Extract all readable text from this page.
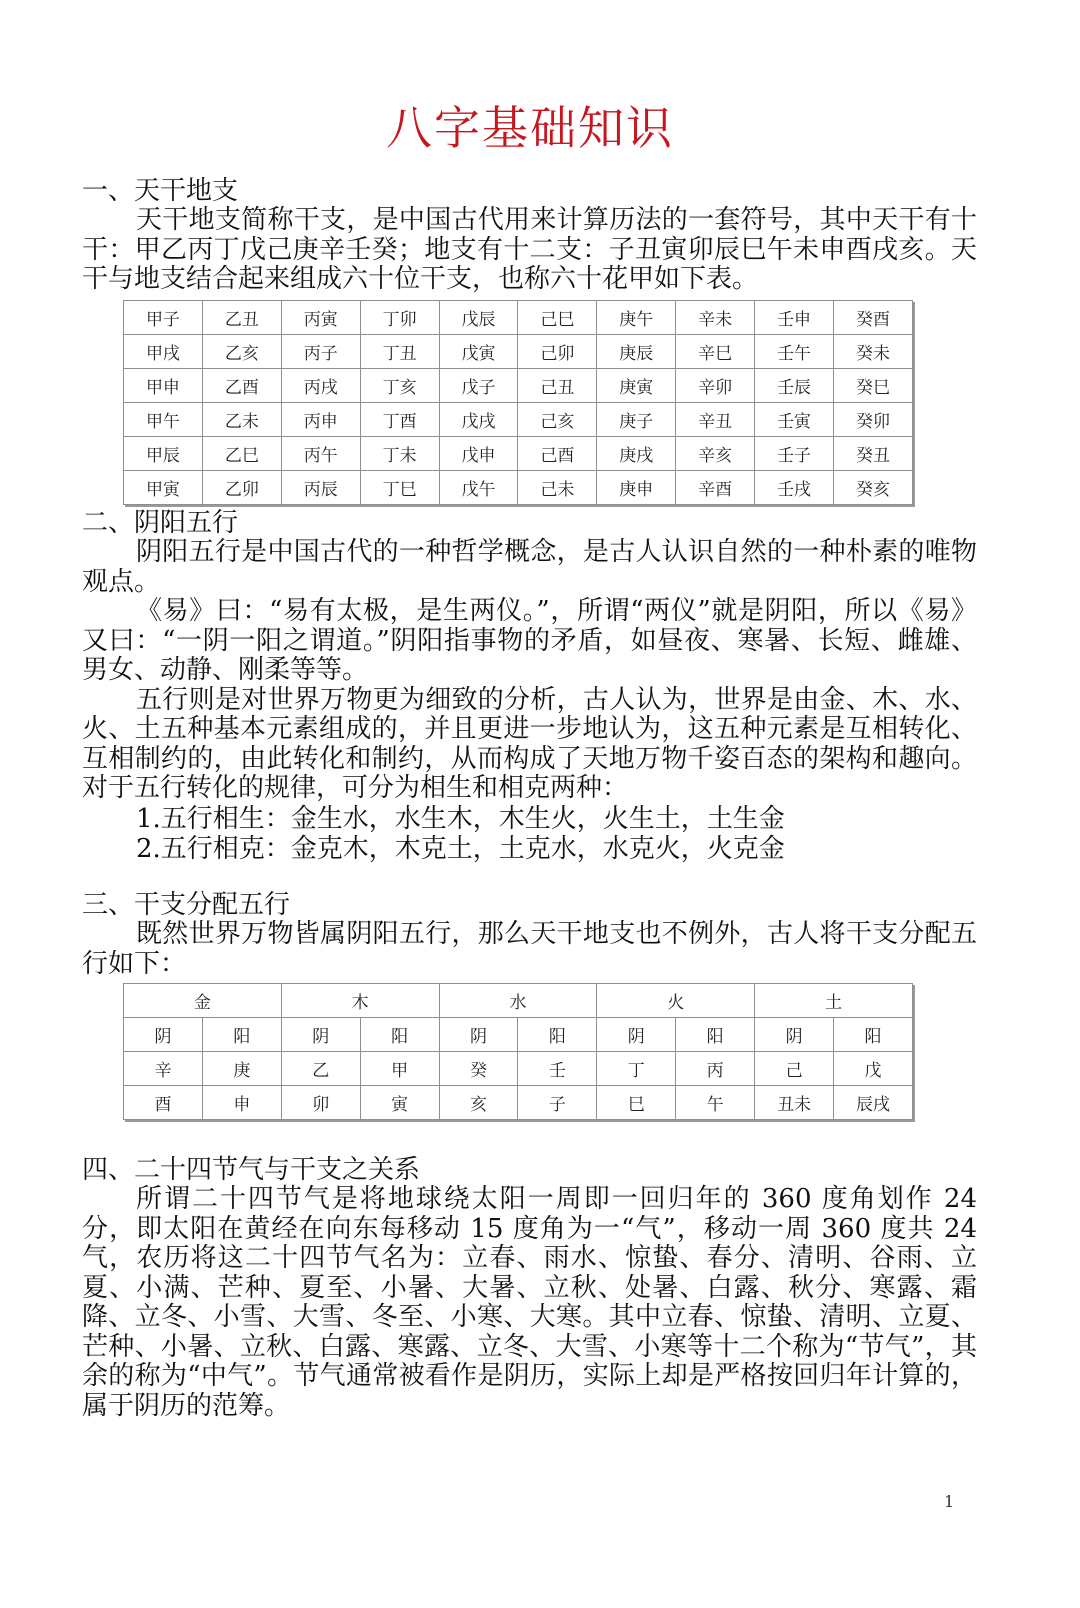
八字基础知识
一、天干地支

天干地支简称干支，是中国古代用来计算历法的一套符号，其中天干有十干：甲乙丙丁戊己庚辛壬癸；地支有十二支：子丑寅卯辰巳午未申酉戌亥。天干与地支结合起来组成六十位干支，也称六十花甲如下表。

甲子	乙丑	丙寅	丁卯	戊辰	己巳	庚午	辛未	壬申	癸酉
甲戌	乙亥	丙子	丁丑	戊寅	己卯	庚辰	辛巳	壬午	癸未
甲申	乙酉	丙戌	丁亥	戊子	己丑	庚寅	辛卯	壬辰	癸巳
甲午	乙未	丙申	丁酉	戊戌	己亥	庚子	辛丑	壬寅	癸卯
甲辰	乙巳	丙午	丁未	戊申	己酉	庚戌	辛亥	壬子	癸丑
甲寅	乙卯	丙辰	丁巳	戊午	己未	庚申	辛酉	壬戌	癸亥
二、阴阳五行

阴阳五行是中国古代的一种哲学概念，是古人认识自然的一种朴素的唯物观点。

《易》曰：“易有太极，是生两仪。”，所谓“两仪”就是阴阳，所以《易》又曰：“一阴一阳之谓道。”阴阳指事物的矛盾，如昼夜、寒暑、长短、雌雄、男女、动静、刚柔等等。

五行则是对世界万物更为细致的分析，古人认为，世界是由金、木、水、火、土五种基本元素组成的，并且更进一步地认为，这五种元素是互相转化、互相制约的，由此转化和制约，从而构成了天地万物千姿百态的架构和趣向。对于五行转化的规律，可分为相生和相克两种：

1.五行相生：金生水，水生木，木生火，火生土，土生金

2.五行相克：金克木，木克土，土克水，水克火，火克金

三、干支分配五行

既然世界万物皆属阴阳五行，那么天干地支也不例外，古人将干支分配五行如下：

金		木		水		火		土	
阴	阳	阴	阳	阴	阳	阴	阳	阴	阳
辛	庚	乙	甲	癸	壬	丁	丙	己	戊
酉	申	卯	寅	亥	子	巳	午	丑未	辰戌
四、二十四节气与干支之关系

所谓二十四节气是将地球绕太阳一周即一回归年的 360 度角划作 24 分，即太阳在黄经在向东每移动 15 度角为一“气”，移动一周 360 度共 24 气，农历将这二十四节气名为：立春、雨水、惊蛰、春分、清明、谷雨、立夏、小满、芒种、夏至、小暑、大暑、立秋、处暑、白露、秋分、寒露、霜降、立冬、小雪、大雪、冬至、小寒、大寒。其中立春、惊蛰、清明、立夏、芒种、小暑、立秋、白露、寒露、立冬、大雪、小寒等十二个称为“节气”，其余的称为“中气”。节气通常被看作是阴历，实际上却是严格按回归年计算的，属于阴历的范筹。

1
